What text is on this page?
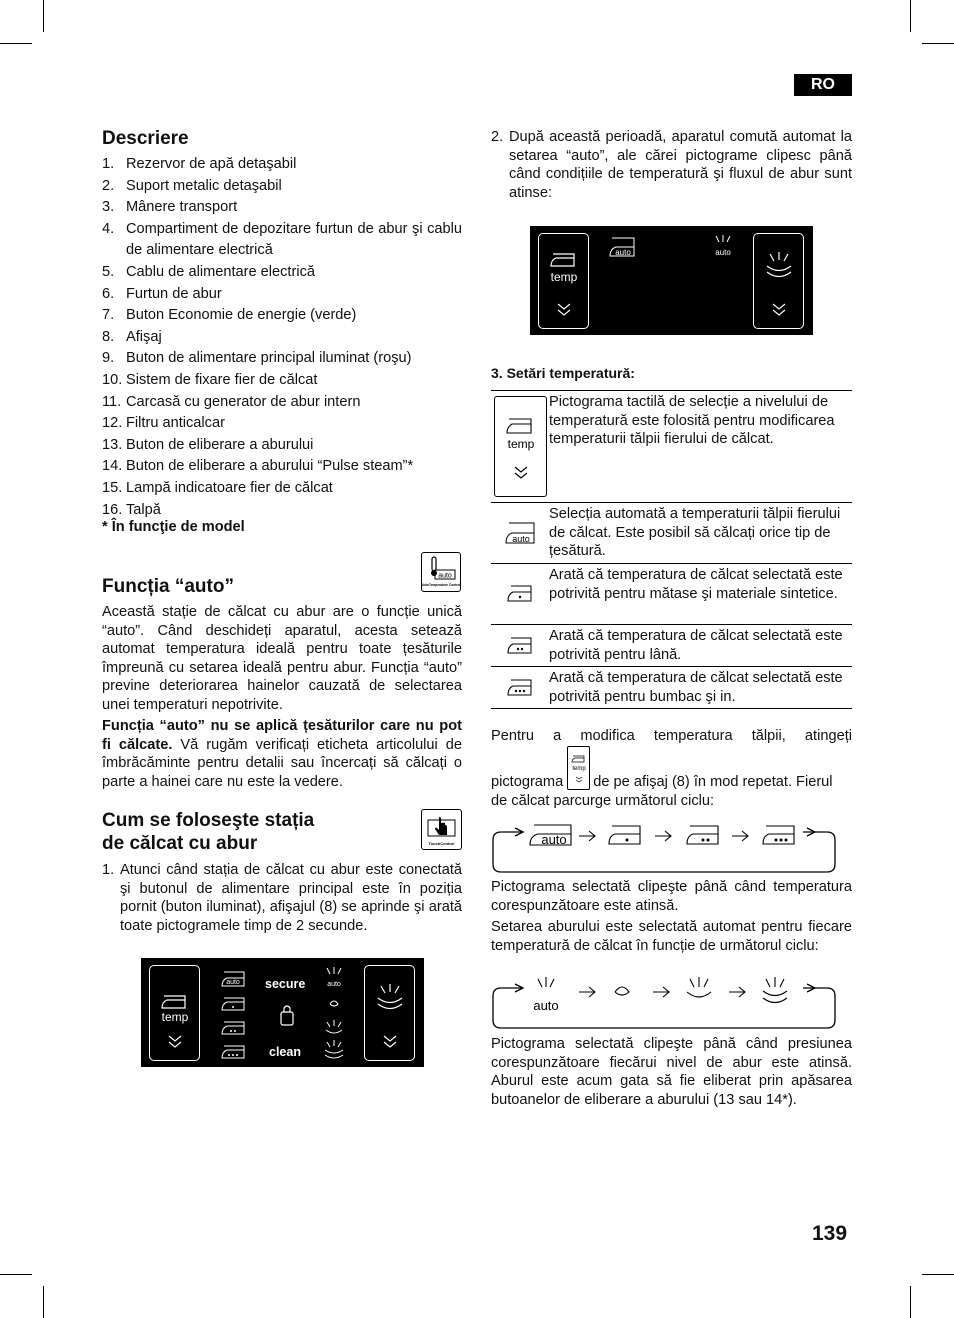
RO
Descriere
1. Rezervor de apă detaşabil
2. Suport metalic detaşabil
3. Mânere transport
4. Compartiment de depozitare furtun de abur şi cablu de alimentare electrică
5. Cablu de alimentare electrică
6. Furtun de abur
7. Buton Economie de energie (verde)
8. Afişaj
9. Buton de alimentare principal iluminat (roşu)
10. Sistem de fixare fier de călcat
11. Carcasă cu generator de abur intern
12. Filtru anticalcar
13. Buton de eliberare a aburului
14. Buton de eliberare a aburului “Pulse steam”*
15. Lampă indicatoare fier de călcat
16. Talpă
* În funcţie de model
Funcția “auto”	auto
AutoTemperature Control

Această stație de călcat cu abur are o funcție unică “auto”. Când deschideți aparatul, acesta setează automat temperatura ideală pentru toate țesăturile împreună cu setarea ideală pentru abur. Funcția “auto” previne deteriorarea hainelor cauzată de selectarea unei temperaturi nepotrivite.

Funcția “auto” nu se aplică țesăturilor care nu pot fi călcate. Vă rugăm verificați eticheta articolului de îmbrăcăminte pentru detalii sau încercați să călcați o parte a hainei care nu este la vedere.

Cum se foloseşte stația
de călcat cu abur	TouchControl
1. Atunci când stația de călcat cu abur este conectată şi butonul de alimentare principal este în poziția pornit (buton iluminat), afişajul (8) se aprinde şi arată toate pictogramele timp de 2 secunde.

temp
auto secure
clean
auto
2. După această perioadă, aparatul comută automat la setarea “auto”, ale cărei pictograme clipesc până când condițiile de temperatură şi fluxul de abur sunt atinse:

temp
auto	auto
3. Setări temperatură:
temp
Pictograma tactilă de selecție a nivelului de temperatură este folosită pentru modificarea temperaturii tălpii fierului de călcat.
auto
Selecția automată a temperaturii tălpii fierului de călcat. Este posibil să călcați orice tip de țesătură.
Arată că temperatura de călcat selectată este potrivită pentru mătase şi materiale sintetice.
Arată că temperatura de călcat selectată este potrivită pentru lână.
Arată că temperatura de călcat selectată este potrivită pentru bumbac şi in.
Pentru a modifica temperatura tălpii, atingeți
pictograma
temp
de pe afişaj (8) în mod repetat. Fierul
de călcat parcurge următorul ciclu:
auto

Pictograma selectată clipeşte până când temperatura corespunzătoare este atinsă.

Setarea aburului este selectată automat pentru fiecare temperatură de călcat în funcție de următorul ciclu:

auto

Pictograma selectată clipeşte până când presiunea corespunzătoare fiecărui nivel de abur este atinsă. Aburul este acum gata să fie eliberat prin apăsarea butoanelor de eliberare a aburului (13 sau 14*).

139
